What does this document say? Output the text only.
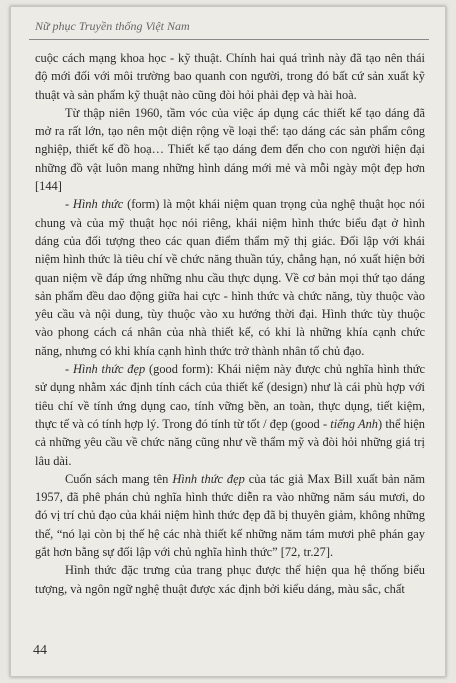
Nữ phục Truyền thống Việt Nam

cuộc cách mạng khoa học - kỹ thuật. Chính hai quá trình này đã tạo nên thái độ mới đối với môi trường bao quanh con người, trong đó bất cứ sản xuất kỹ thuật và sản phẩm kỹ thuật nào cũng đòi hỏi phải đẹp và hài hoà.

Từ thập niên 1960, tầm vóc của việc áp dụng các thiết kế tạo dáng đã mở ra rất lớn, tạo nên một diện rộng về loại thể: tạo dáng các sản phẩm công nghiệp, thiết kế đồ hoạ… Thiết kế tạo dáng đem đến cho con người hiện đại những đồ vật luôn mang những hình dáng mới mẻ và mỗi ngày một đẹp hơn [144]

- Hình thức (form) là một khái niệm quan trọng của nghệ thuật học nói chung và của mỹ thuật học nói riêng, khái niệm hình thức biểu đạt ở hình dáng của đối tượng theo các quan điểm thẩm mỹ thị giác. Đối lập với khái niệm hình thức là tiêu chí về chức năng thuần túy, chẳng hạn, nó xuất hiện bởi quan niệm về đáp ứng những nhu cầu thực dụng. Về cơ bản mọi thứ tạo dáng sản phẩm đều dao động giữa hai cực - hình thức và chức năng, tùy thuộc vào yêu cầu và nội dung, tùy thuộc vào xu hướng thời đại. Hình thức tùy thuộc vào phong cách cá nhân của nhà thiết kế, có khi là những khía cạnh chức năng, nhưng có khi khía cạnh hình thức trở thành nhân tố chủ đạo.

- Hình thức đẹp (good form): Khái niệm này được chủ nghĩa hình thức sử dụng nhằm xác định tính cách của thiết kế (design) như là cái phù hợp với tiêu chí về tính ứng dụng cao, tính vững bền, an toàn, thực dụng, tiết kiệm, thực tế và có tính hợp lý. Trong đó tính từ tốt / đẹp (good - tiếng Anh) thể hiện cả những yêu cầu về chức năng cũng như về thẩm mỹ và đòi hỏi những giá trị lâu dài.

Cuốn sách mang tên Hình thức đẹp của tác giả Max Bill xuất bản năm 1957, đã phê phán chủ nghĩa hình thức diễn ra vào những năm sáu mươi, do đó vị trí chủ đạo của khái niệm hình thức đẹp đã bị thuyên giảm, không những thế, “nó lại còn bị thế hệ các nhà thiết kế những năm tám mươi phê phán gay gắt hơn bằng sự đối lập với chủ nghĩa hình thức” [72, tr.27].

Hình thức đặc trưng của trang phục được thể hiện qua hệ thống biểu tượng, và ngôn ngữ nghệ thuật được xác định bởi kiểu dáng, màu sắc, chất

44
